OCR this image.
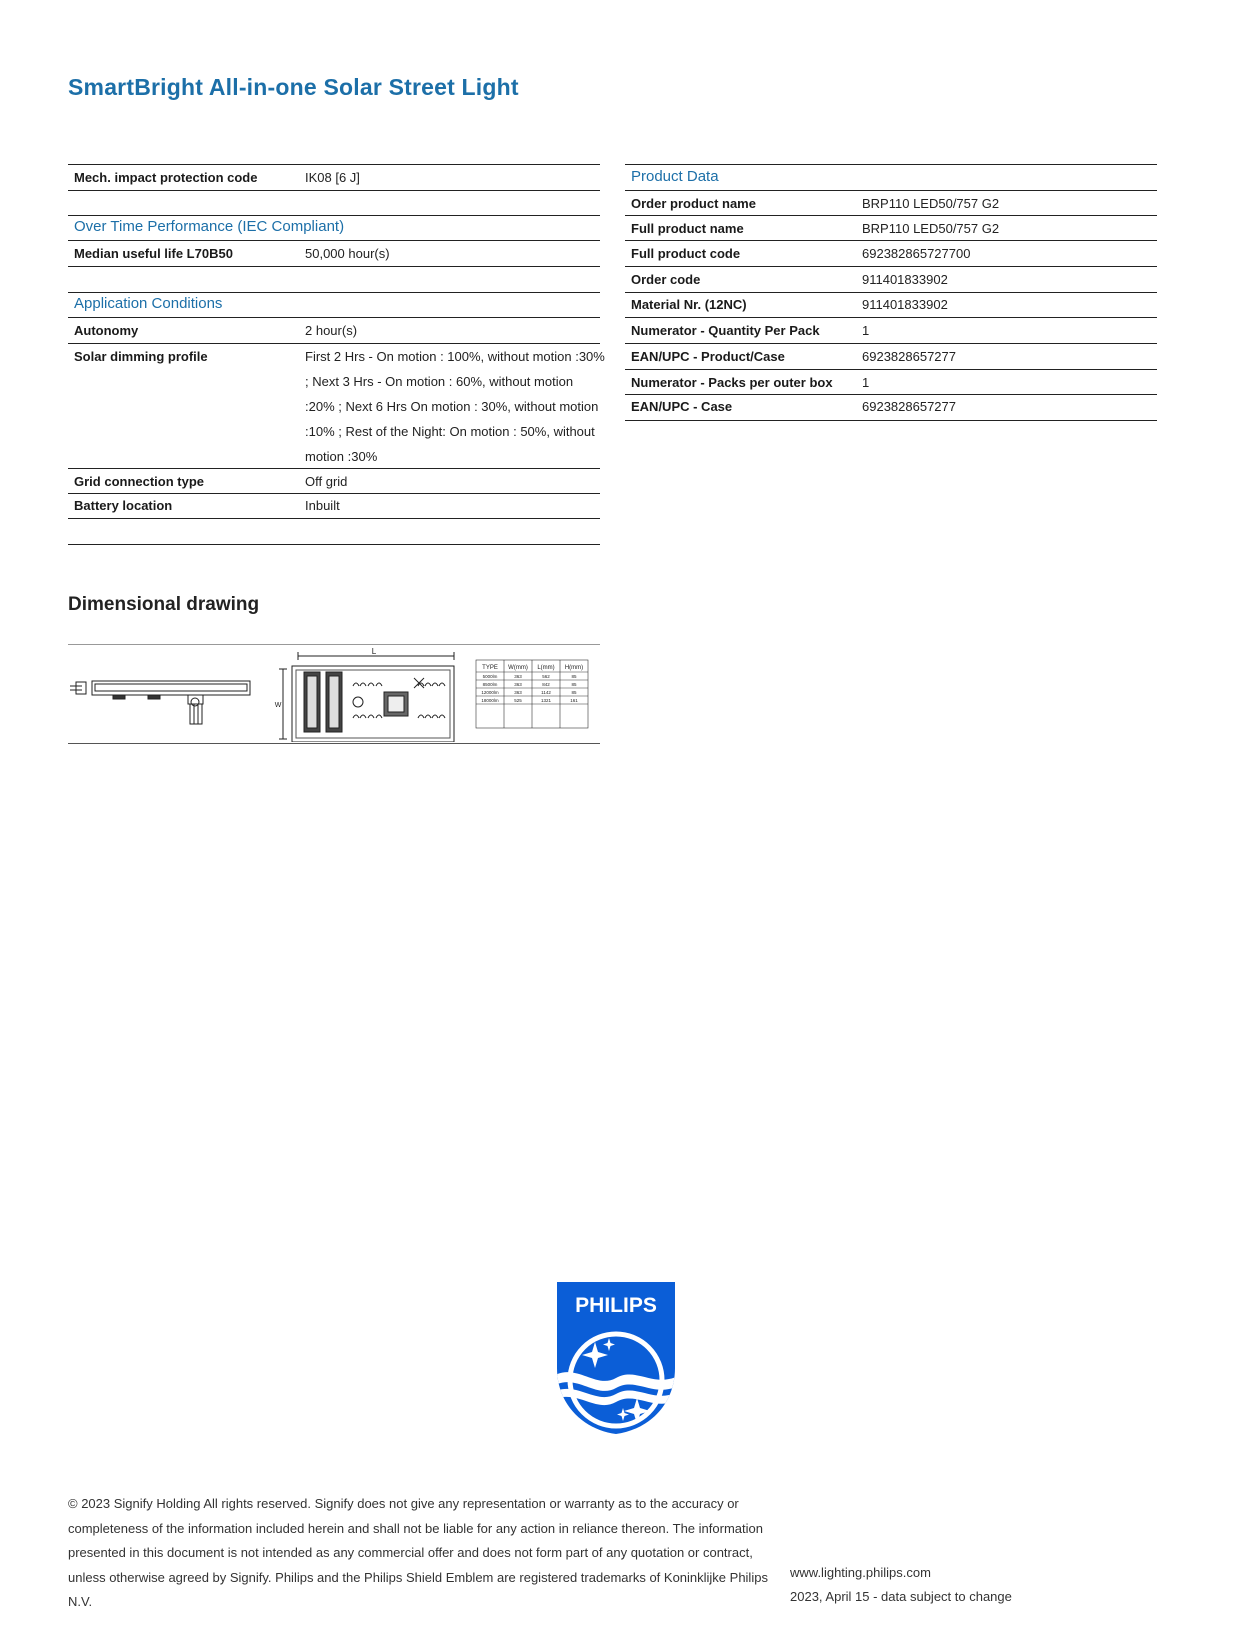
SmartBright All-in-one Solar Street Light
Mech. impact protection code	IK08 [6 J]
Over Time Performance (IEC Compliant)
Median useful life L70B50	50,000 hour(s)
Application Conditions
Autonomy	2 hour(s)
Solar dimming profile	First 2 Hrs - On motion : 100%, without motion :30% ; Next 3 Hrs - On motion : 60%, without motion :20% ; Next 6 Hrs On motion : 30%, without motion :10% ; Rest of the Night: On motion : 50%, without motion :30%
Grid connection type	Off grid
Battery location	Inbuilt
Product Data
Order product name	BRP110 LED50/757 G2
Full product name	BRP110 LED50/757 G2
Full product code	692382865727700
Order code	911401833902
Material Nr. (12NC)	911401833902
Numerator - Quantity Per Pack	1
EAN/UPC - Product/Case	6923828657277
Numerator - Packs per outer box 1
EAN/UPC - Case	6923828657277
Dimensional drawing
L
W
TYPE W(mm) L(mm) H(mm)
5000lm	363	562	85
8500lm	363	842	85
12000lm	363	1142	85
18000lm	525	1321	161
PHILIPS
© 2023 Signify Holding All rights reserved. Signify does not give any representation or warranty as to the accuracy or completeness of the information included herein and shall not be liable for any action in reliance thereon. The information presented in this document is not intended as any commercial offer and does not form part of any quotation or contract, unless otherwise agreed by Signify. Philips and the Philips Shield Emblem are registered trademarks of Koninklijke Philips N.V.
www.lighting.philips.com
2023, April 15 - data subject to change
